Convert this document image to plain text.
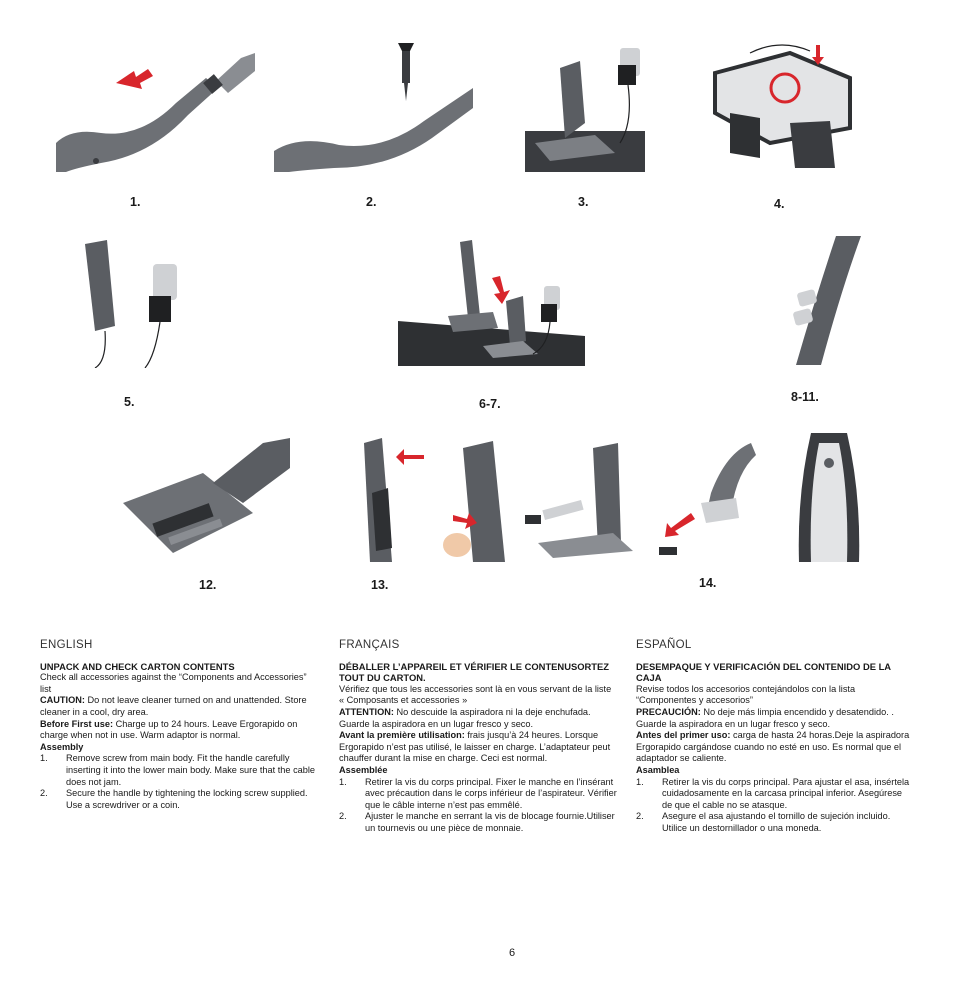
1.	2.	3.	4.
5.	6-7.	8-11.
12.	13.	14.
ENGLISH

UNPACK AND CHECK CARTON CONTENTS

Check all accessories against the “Components and Accessories” list

CAUTION: Do not leave cleaner turned on and unattended. Store cleaner in a cool, dry area.

Before First use: Charge up to 24 hours. Leave Ergorapido on charge when not in use. Warm adaptor is normal.

Assembly

1. Remove screw from main body. Fit the handle carefully inserting it into the lower main body. Make sure that the cable does not jam.
2. Secure the handle by tightening the locking screw supplied. Use a screwdriver or a coin.
FRANÇAIS

DÉBALLER L’APPAREIL ET VÉRIFIER LE CONTENUSORTEZ TOUT DU CARTON.

Vérifiez que tous les accessories sont là en vous servant de la liste « Composants et accessories »

ATTENTION: No descuide la aspiradora ni la deje enchufada. Guarde la aspiradora en un lugar fresco y seco.

Avant la première utilisation: frais jusqu’à 24 heures. Lorsque Ergorapido n’est pas utilisé, le laisser en charge. L’adaptateur peut chauffer durant la mise en charge. Ceci est normal.

Assemblée

1. Retirer la vis du corps principal. Fixer le manche en l’insérant avec précaution dans le corps inférieur de l’aspirateur. Vérifier que le câble interne n’est pas emmêlé.
2. Ajuster le manche en serrant la vis de blocage fournie.Utiliser un tournevis ou une pièce de monnaie.
ESPAÑOL

DESEMPAQUE Y VERIFICACIÓN DEL CONTENIDO DE LA CAJA

Revise todos los accesorios contejándolos con la lista “Componentes y accesorios”

PRECAUCIÓN: No deje más limpia encendido y desatendido. . Guarde la aspiradora en un lugar fresco y seco.

Antes del primer uso: carga de hasta 24 horas.Deje la aspiradora Ergorapido cargándose cuando no esté en uso. Es normal que el adaptador se caliente.

Asamblea

1. Retirer la vis du corps principal. Para ajustar el asa, insértela cuidadosamente en la carcasa principal inferior. Asegúrese de que el cable no se atasque.
2. Asegure el asa ajustando el tornillo de sujeción incluido. Utilice un destornillador o una moneda.
6
